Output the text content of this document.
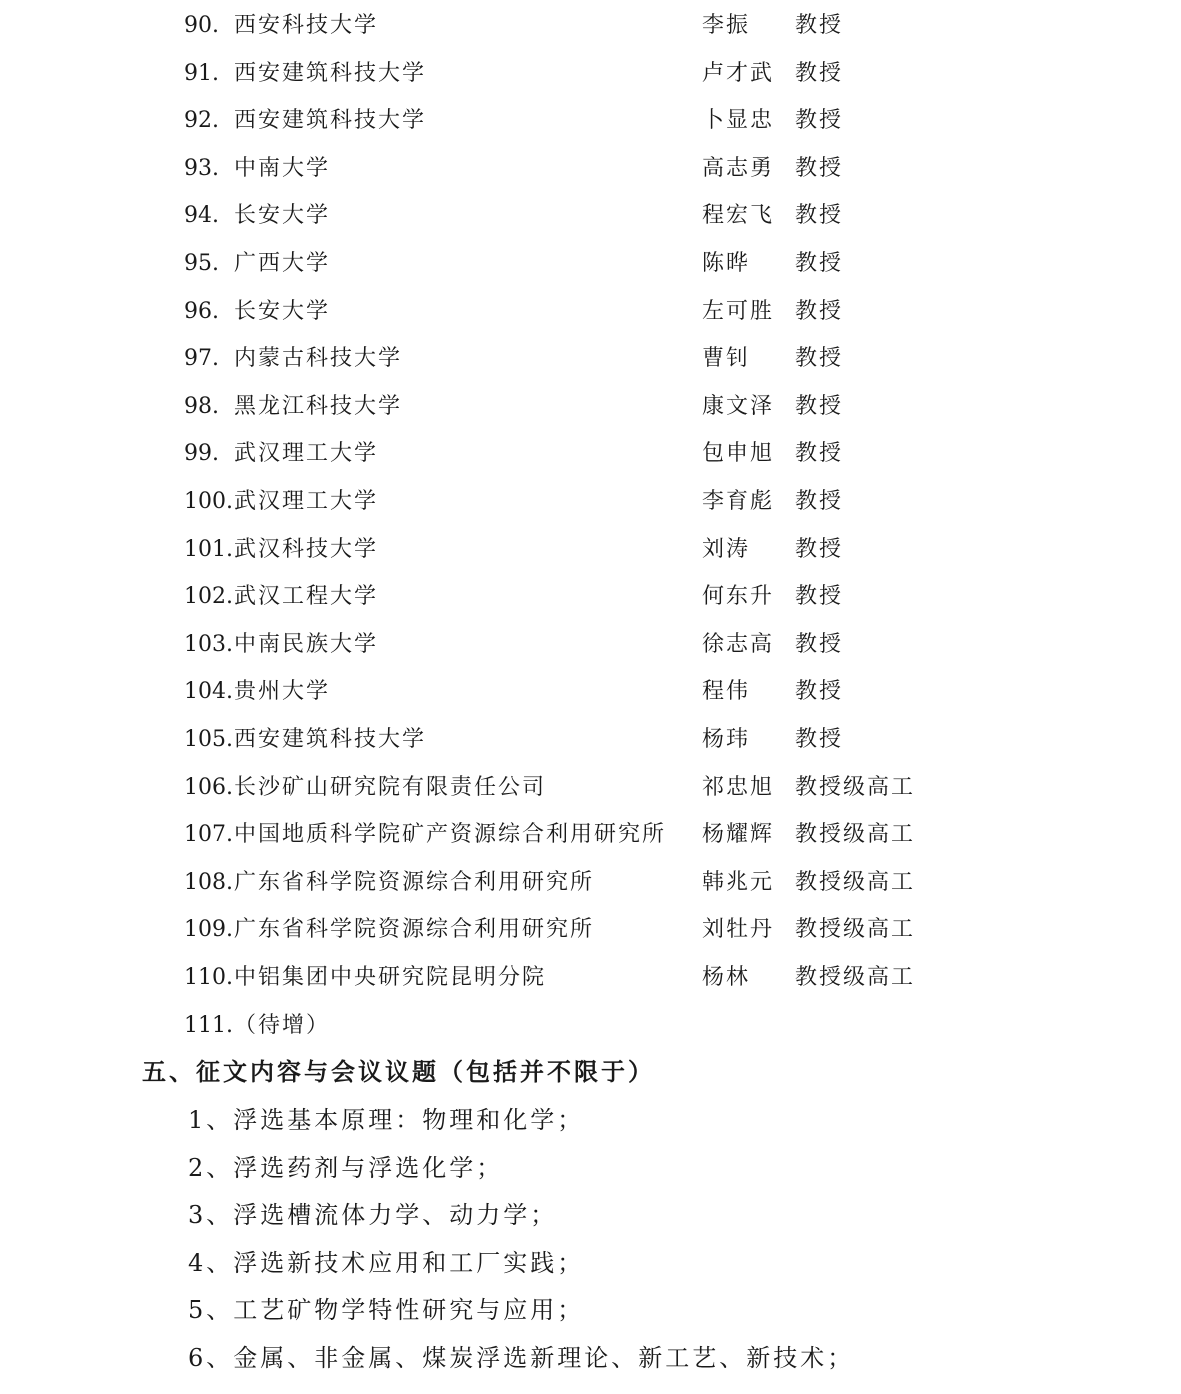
90. 西安科技大学	李振 教授
91. 西安建筑科技大学	卢才武 教授
92. 西安建筑科技大学	卜显忠 教授
93. 中南大学	高志勇 教授
94. 长安大学	程宏飞 教授
95. 广西大学	陈晔 教授
96. 长安大学	左可胜 教授
97. 内蒙古科技大学	曹钊 教授
98. 黑龙江科技大学	康文泽 教授
99. 武汉理工大学	包申旭 教授
100. 武汉理工大学	李育彪 教授
101. 武汉科技大学	刘涛 教授
102. 武汉工程大学	何东升 教授
103. 中南民族大学	徐志高 教授
104. 贵州大学	程伟 教授
105. 西安建筑科技大学	杨玮 教授
106. 长沙矿山研究院有限责任公司	祁忠旭 教授级高工
107. 中国地质科学院矿产资源综合利用研究所 杨耀辉 教授级高工
108. 广东省科学院资源综合利用研究所	韩兆元 教授级高工
109. 广东省科学院资源综合利用研究所	刘牡丹 教授级高工
110. 中铝集团中央研究院昆明分院	杨林 教授级高工
111. （待增）
五、征文内容与会议议题（包括并不限于）
1、浮选基本原理：物理和化学；
2、浮选药剂与浮选化学；
3、浮选槽流体力学、动力学；
4、浮选新技术应用和工厂实践；
5、工艺矿物学特性研究与应用；
6、金属、非金属、煤炭浮选新理论、新工艺、新技术；
